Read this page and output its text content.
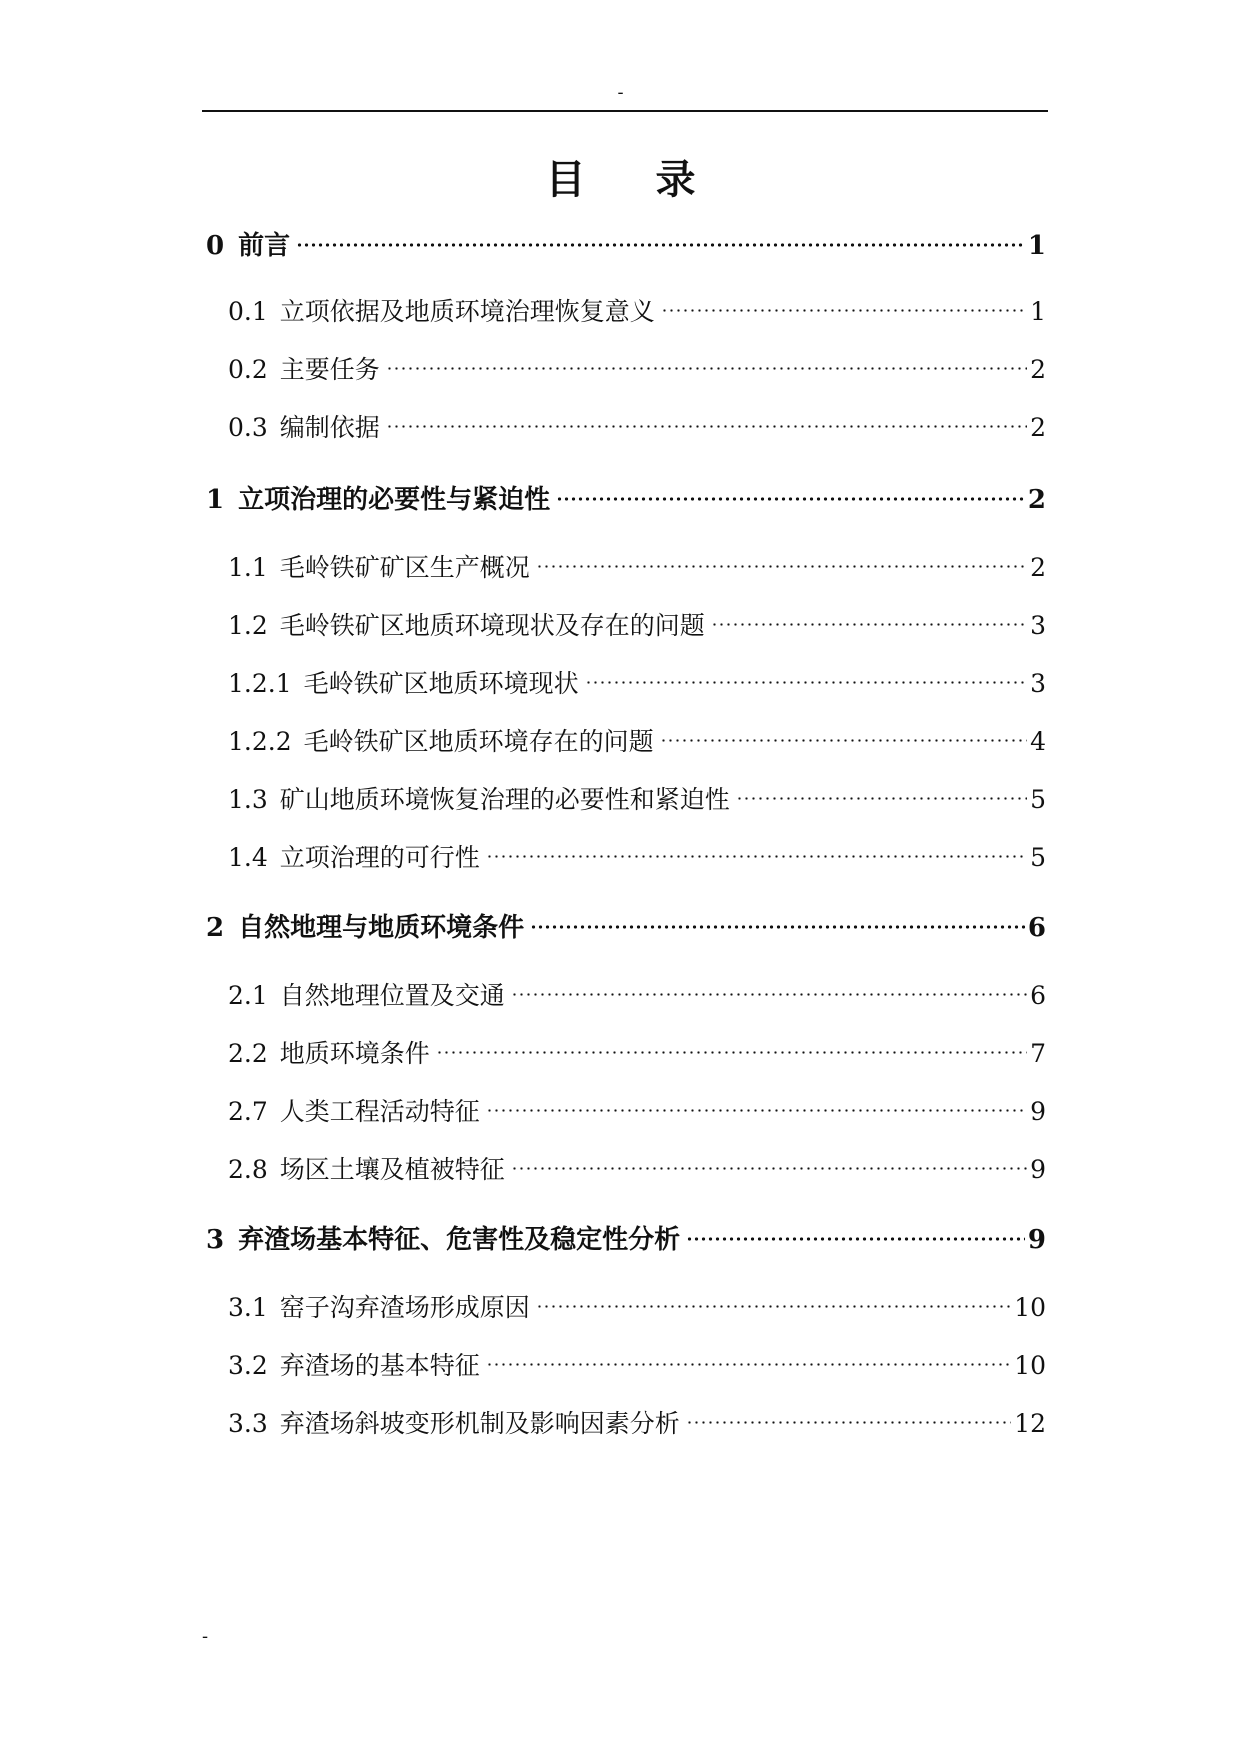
-
目 录
0 前言	1
0.1 立项依据及地质环境治理恢复意义	1
0.2 主要任务	2
0.3 编制依据	2
1 立项治理的必要性与紧迫性	2
1.1 毛岭铁矿矿区生产概况	2
1.2 毛岭铁矿区地质环境现状及存在的问题	3
1.2.1 毛岭铁矿区地质环境现状	3
1.2.2 毛岭铁矿区地质环境存在的问题	4
1.3 矿山地质环境恢复治理的必要性和紧迫性	5
1.4 立项治理的可行性	5
2 自然地理与地质环境条件	6
2.1 自然地理位置及交通	6
2.2 地质环境条件	7
2.7 人类工程活动特征	9
2.8 场区土壤及植被特征	9
3 弃渣场基本特征、危害性及稳定性分析	9
3.1 窑子沟弃渣场形成原因	10
3.2 弃渣场的基本特征	10
3.3 弃渣场斜坡变形机制及影响因素分析	12
-
